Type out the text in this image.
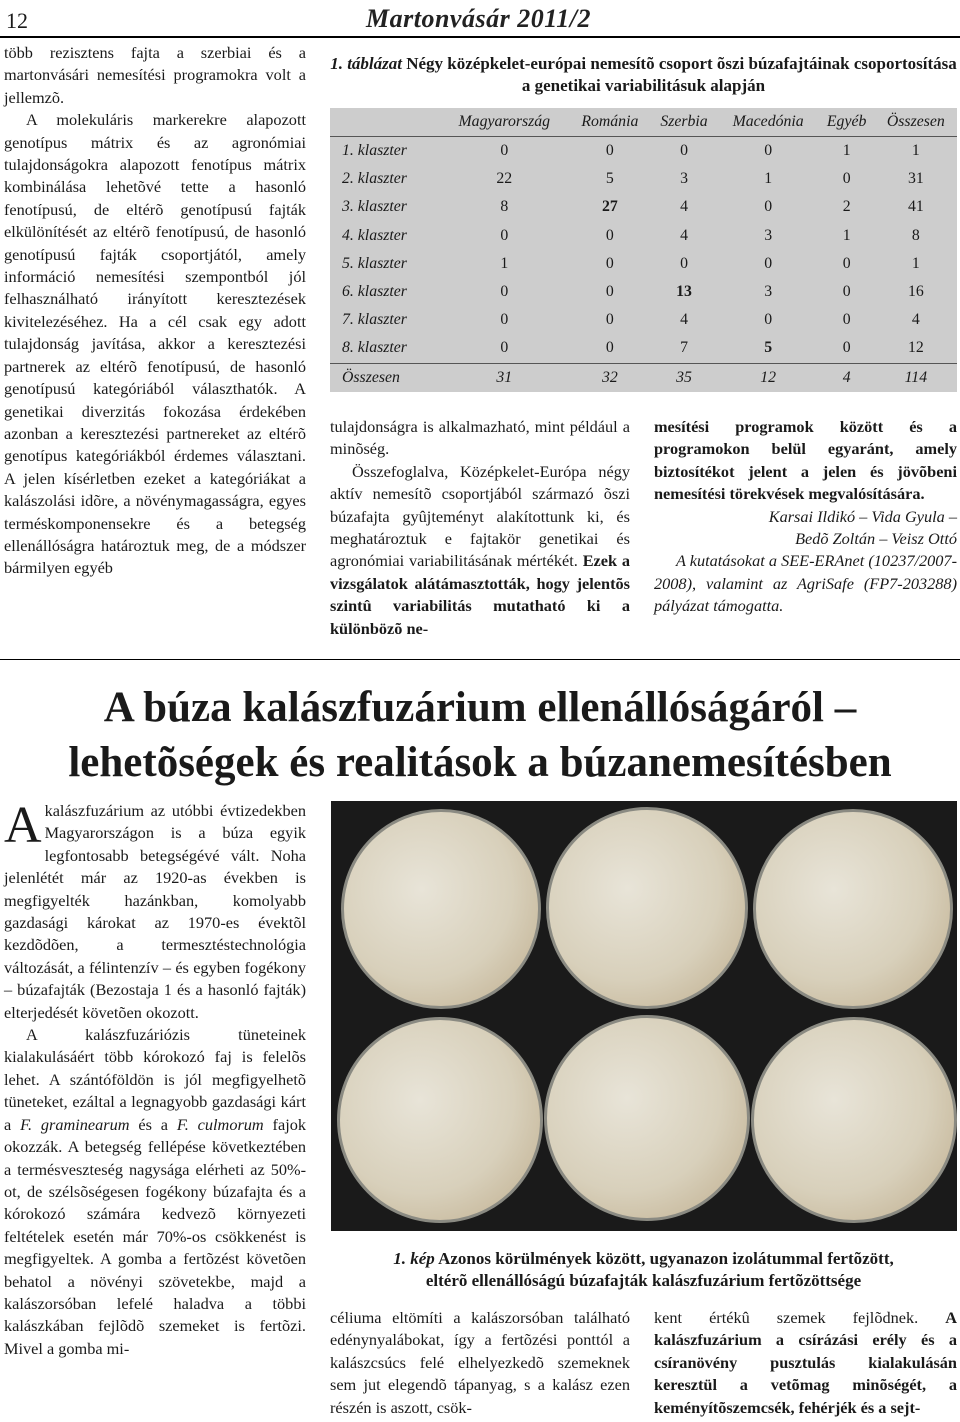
12	Martonvásár 2011/2

több rezisztens fajta a szerbiai és a martonvásári nemesítési programokra volt a jellemzõ.

A molekuláris markerekre alapozott genotípus mátrix és az agronómiai tulajdonságokra alapozott fenotípus mátrix kombinálása lehetõvé tette a hasonló fenotípusú, de eltérõ genotípusú fajták elkülönítését az eltérõ fenotípusú, de hasonló genotípusú fajták csoportjától, amely információ nemesítési szempontból jól felhasználható irányított keresztezések kivitelezéséhez. Ha a cél csak egy adott tulajdonság javítása, akkor a keresztezési partnerek az eltérõ fenotípusú, de hasonló genotípusú kategóriából választhatók. A genetikai diverzitás fokozása érdekében azonban a keresztezési partnereket az eltérõ genotípus kategóriákból érdemes választani. A jelen kísérletben ezeket a kategóriákat a kalászolási idõre, a növénymagasságra, egyes terméskomponensekre és a betegség ellenállóságra határoztuk meg, de a módszer bármilyen egyéb

1. táblázat Négy középkelet-európai nemesítõ csoport õszi búzafajtáinak csoportosítása a genetikai variabilitásuk alapján
	Magyarország	Románia	Szerbia	Macedónia	Egyéb	Összesen
1. klaszter	0	0	0	0	1	1
2. klaszter	22	5	3	1	0	31
3. klaszter	8	27	4	0	2	41
4. klaszter	0	0	4	3	1	8
5. klaszter	1	0	0	0	0	1
6. klaszter	0	0	13	3	0	16
7. klaszter	0	0	4	0	0	4
8. klaszter	0	0	7	5	0	12
Összesen	31	32	35	12	4	114

tulajdonságra is alkalmazható, mint például a minõség.

Összefoglalva, Középkelet-Európa négy aktív nemesítõ csoportjából származó õszi búzafajta gyûjteményt alakítottunk ki, és meghatároztuk e fajtakör genetikai és agronómiai variabilitásának mértékét. Ezek a vizsgálatok alátámasztották, hogy jelentõs szintû variabilitás mutatható ki a különbözõ ne-

mesítési programok között és a programokon belül egyaránt, amely biztosítékot jelent a jelen és jövõbeni nemesítési törekvések megvalósítására.

Karsai Ildikó – Vida Gyula –

Bedõ Zoltán – Veisz Ottó

A kutatásokat a SEE-ERAnet (10237/2007-2008), valamint az AgriSafe (FP7-203288) pályázat támogatta.

A búza kalászfuzárium ellenállóságáról –
lehetõségek és realitások a búzanemesítésben

Akalászfuzárium az utóbbi évtizedekben Magyarországon is a búza egyik legfontosabb betegségévé vált. Noha jelenlétét már az 1920-as években is megfigyelték hazánkban, komolyabb gazdasági károkat az 1970-es évektõl kezdõdõen, a termesztéstechnológia változását, a félintenzív – és egyben fogékony – búzafajták (Bezostaja 1 és a hasonló fajták) elterjedését követõen okozott.

A kalászfuzáriózis tüneteinek kialakulásáért több kórokozó faj is felelõs lehet. A szántóföldön is jól megfigyelhetõ tüneteket, ezáltal a legnagyobb gazdasági kárt a F. graminearum és a F. culmorum fajok okozzák. A betegség fellépése következtében a termésveszteség nagysága elérheti az 50%-ot, de szélsõségesen fogékony búzafajta és a kórokozó számára kedvezõ környezeti feltételek esetén már 70%-os csökkenést is megfigyeltek. A gomba a fertõzést követõen behatol a növényi szövetekbe, majd a kalászorsóban lefelé haladva a többi kalászkában fejlõdõ szemeket is fertõzi. Mivel a gomba mi-

1. kép Azonos körülmények között, ugyanazon izolátummal fertõzött,
eltérõ ellenállóságú búzafajták kalászfuzárium fertõzöttsége

céliuma eltömíti a kalászorsóban található edénynyalábokat, így a fertõzési ponttól a kalászcsúcs felé elhelyezkedõ szemeknek sem jut elegendõ tápanyag, s a kalász ezen részén is aszott, csök-

kent értékû szemek fejlõdnek. A kalászfuzárium a csírázási erély és a csíranövény pusztulás kialakulásán keresztül a vetõmag minõségét, a keményítõszemcsék, fehérjék és a sejt-
